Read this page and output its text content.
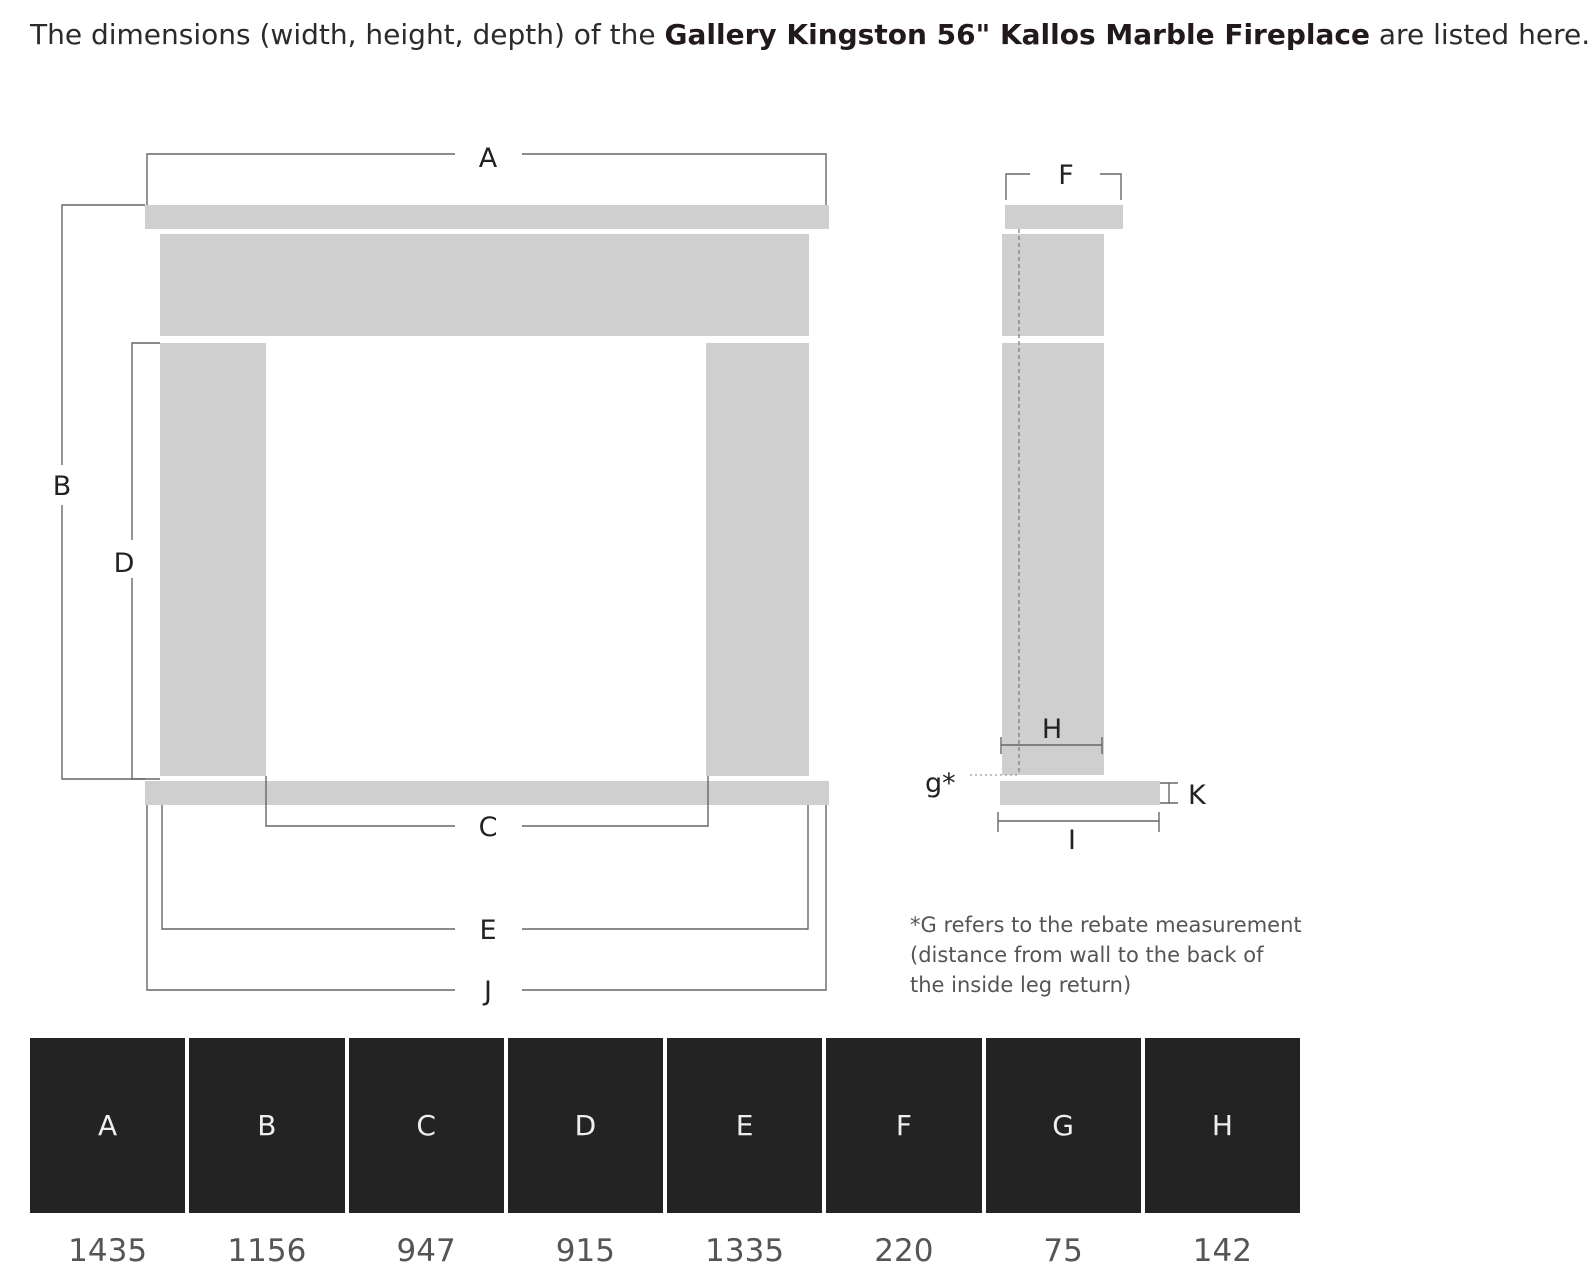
The dimensions (width, height, depth) of the Gallery Kingston 56" Kallos Marble Fireplace are listed here.
A
B
D
C
E
J
F
H
g*	K
I
*G refers to the rebate measurement
(distance from wall to the back of
the inside leg return)
A	B	C	D	E	F	G	H
1435	1156	947	915	1335	220	75	142
